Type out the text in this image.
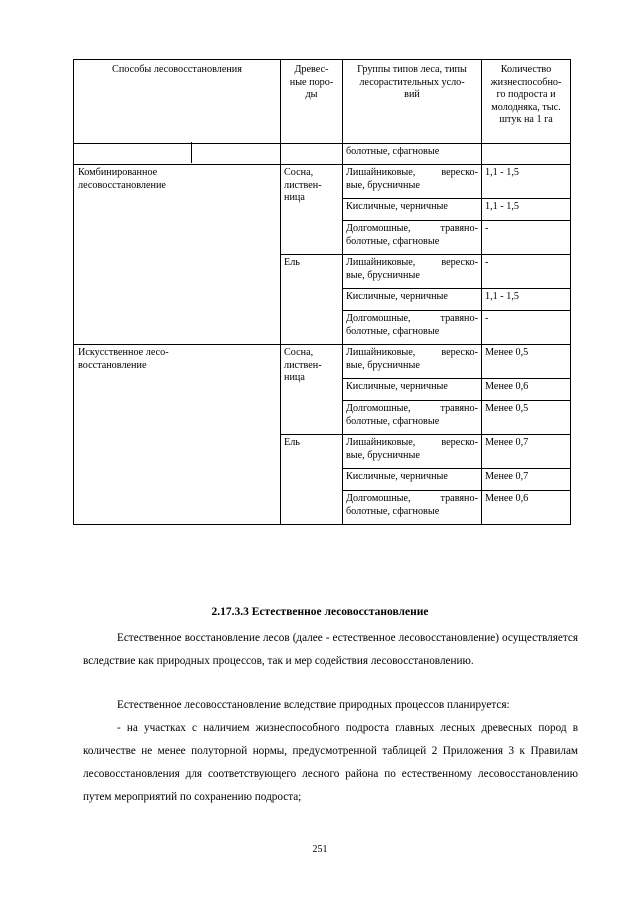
Способы лесовосстановления	Древес-
ные поро-
ды	Группы типов леса, типы
лесорастительных усло-
вий	Количество
жизнеспособно-
го подроста и
молодняка, тыс.
штук на 1 га
		болотные, сфагновые	
Комбинированное
лесовосстановление	Сосна,
листвен-
ница	Лишайниковые, вереско-
вые, брусничные	1,1 - 1,5

		Кисличные, черничные	1,1 - 1,5

		Долгомошные, травяно-
болотные, сфагновые	-
	Ель	Лишайниковые, вереско-
вые, брусничные	-

		Кисличные, черничные	1,1 - 1,5

		Долгомошные, травяно-
болотные, сфагновые	-
Искусственное лесо-
восстановление	Сосна,
листвен-
ница	Лишайниковые, вереско-
вые, брусничные	Менее 0,5

		Кисличные, черничные	Менее 0,6

		Долгомошные, травяно-
болотные, сфагновые	Менее 0,5
	Ель	Лишайниковые, вереско-
вые, брусничные	Менее 0,7

		Кисличные, черничные	Менее 0,7

		Долгомошные, травяно-
болотные, сфагновые	Менее 0,6
2.17.3.3 Естественное лесовосстановление
Естественное восстановление лесов (далее - естественное лесовосстановление) осуществляется вследствие как природных процессов, так и мер содействия лесовосстановлению.
Естественное лесовосстановление вследствие природных процессов планируется:
- на участках с наличием жизнеспособного подроста главных лесных древесных пород в количестве не менее полуторной нормы, предусмотренной таблицей 2 Приложения 3 к Правилам лесовосстановления для соответствующего лесного района по естественному лесовосстановлению путем мероприятий по сохранению подроста;
251
